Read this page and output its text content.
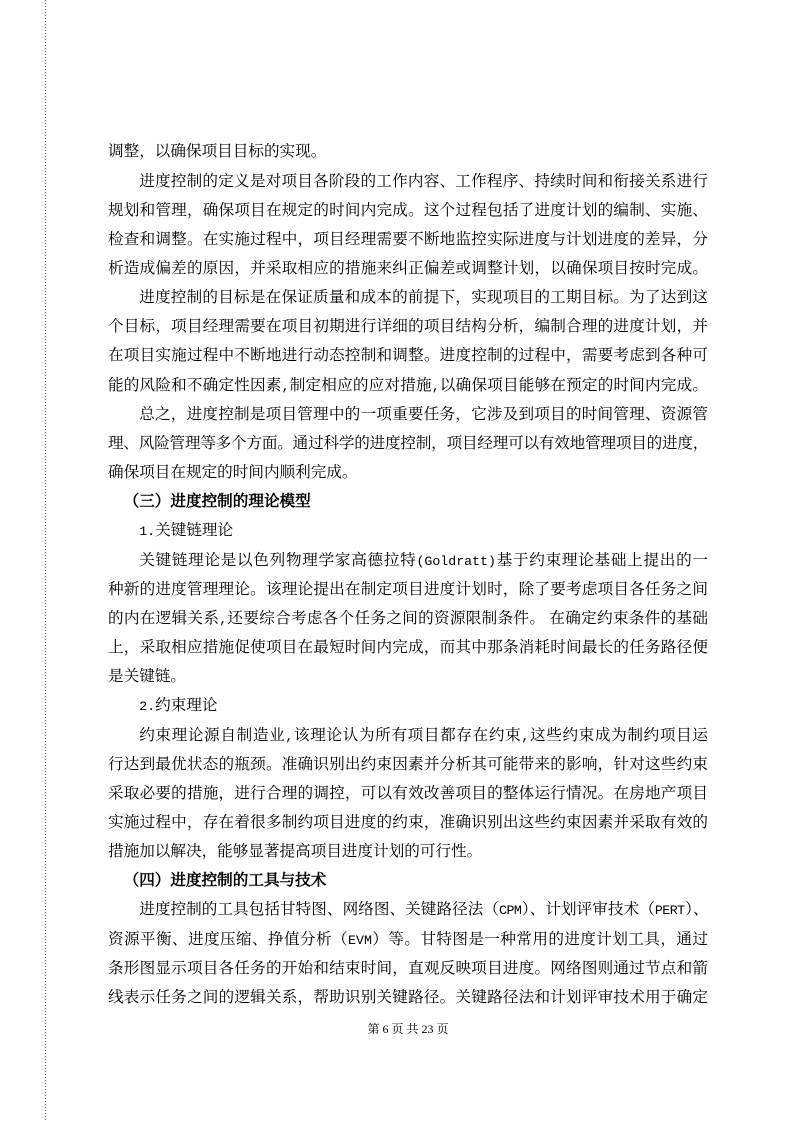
调整，以确保项目目标的实现。
进度控制的定义是对项目各阶段的工作内容、工作程序、持续时间和衔接关系进行
规划和管理，确保项目在规定的时间内完成。这个过程包括了进度计划的编制、实施、
检查和调整。在实施过程中，项目经理需要不断地监控实际进度与计划进度的差异，分
析造成偏差的原因，并采取相应的措施来纠正偏差或调整计划，以确保项目按时完成。
进度控制的目标是在保证质量和成本的前提下，实现项目的工期目标。为了达到这
个目标，项目经理需要在项目初期进行详细的项目结构分析，编制合理的进度计划，并
在项目实施过程中不断地进行动态控制和调整。进度控制的过程中，需要考虑到各种可
能的风险和不确定性因素,制定相应的应对措施,以确保项目能够在预定的时间内完成。
总之，进度控制是项目管理中的一项重要任务，它涉及到项目的时间管理、资源管
理、风险管理等多个方面。通过科学的进度控制，项目经理可以有效地管理项目的进度，
确保项目在规定的时间内顺利完成。
（三）进度控制的理论模型
1.关键链理论
关键链理论是以色列物理学家高德拉特(Goldratt)基于约束理论基础上提出的一
种新的进度管理理论。该理论提出在制定项目进度计划时，除了要考虑项目各任务之间
的内在逻辑关系,还要综合考虑各个任务之间的资源限制条件。 在确定约束条件的基础
上，采取相应措施促使项目在最短时间内完成，而其中那条消耗时间最长的任务路径便
是关键链。
2.约束理论
约束理论源自制造业,该理论认为所有项目都存在约束,这些约束成为制约项目运
行达到最优状态的瓶颈。准确识别出约束因素并分析其可能带来的影响，针对这些约束
采取必要的措施，进行合理的调控，可以有效改善项目的整体运行情况。在房地产项目
实施过程中，存在着很多制约项目进度的约束，准确识别出这些约束因素并采取有效的
措施加以解决，能够显著提高项目进度计划的可行性。
（四）进度控制的工具与技术
进度控制的工具包括甘特图、网络图、关键路径法（CPM）、计划评审技术（PERT）、
资源平衡、进度压缩、挣值分析（EVM）等。甘特图是一种常用的进度计划工具，通过
条形图显示项目各任务的开始和结束时间，直观反映项目进度。网络图则通过节点和箭
线表示任务之间的逻辑关系，帮助识别关键路径。关键路径法和计划评审技术用于确定
第 6 页 共 23 页
